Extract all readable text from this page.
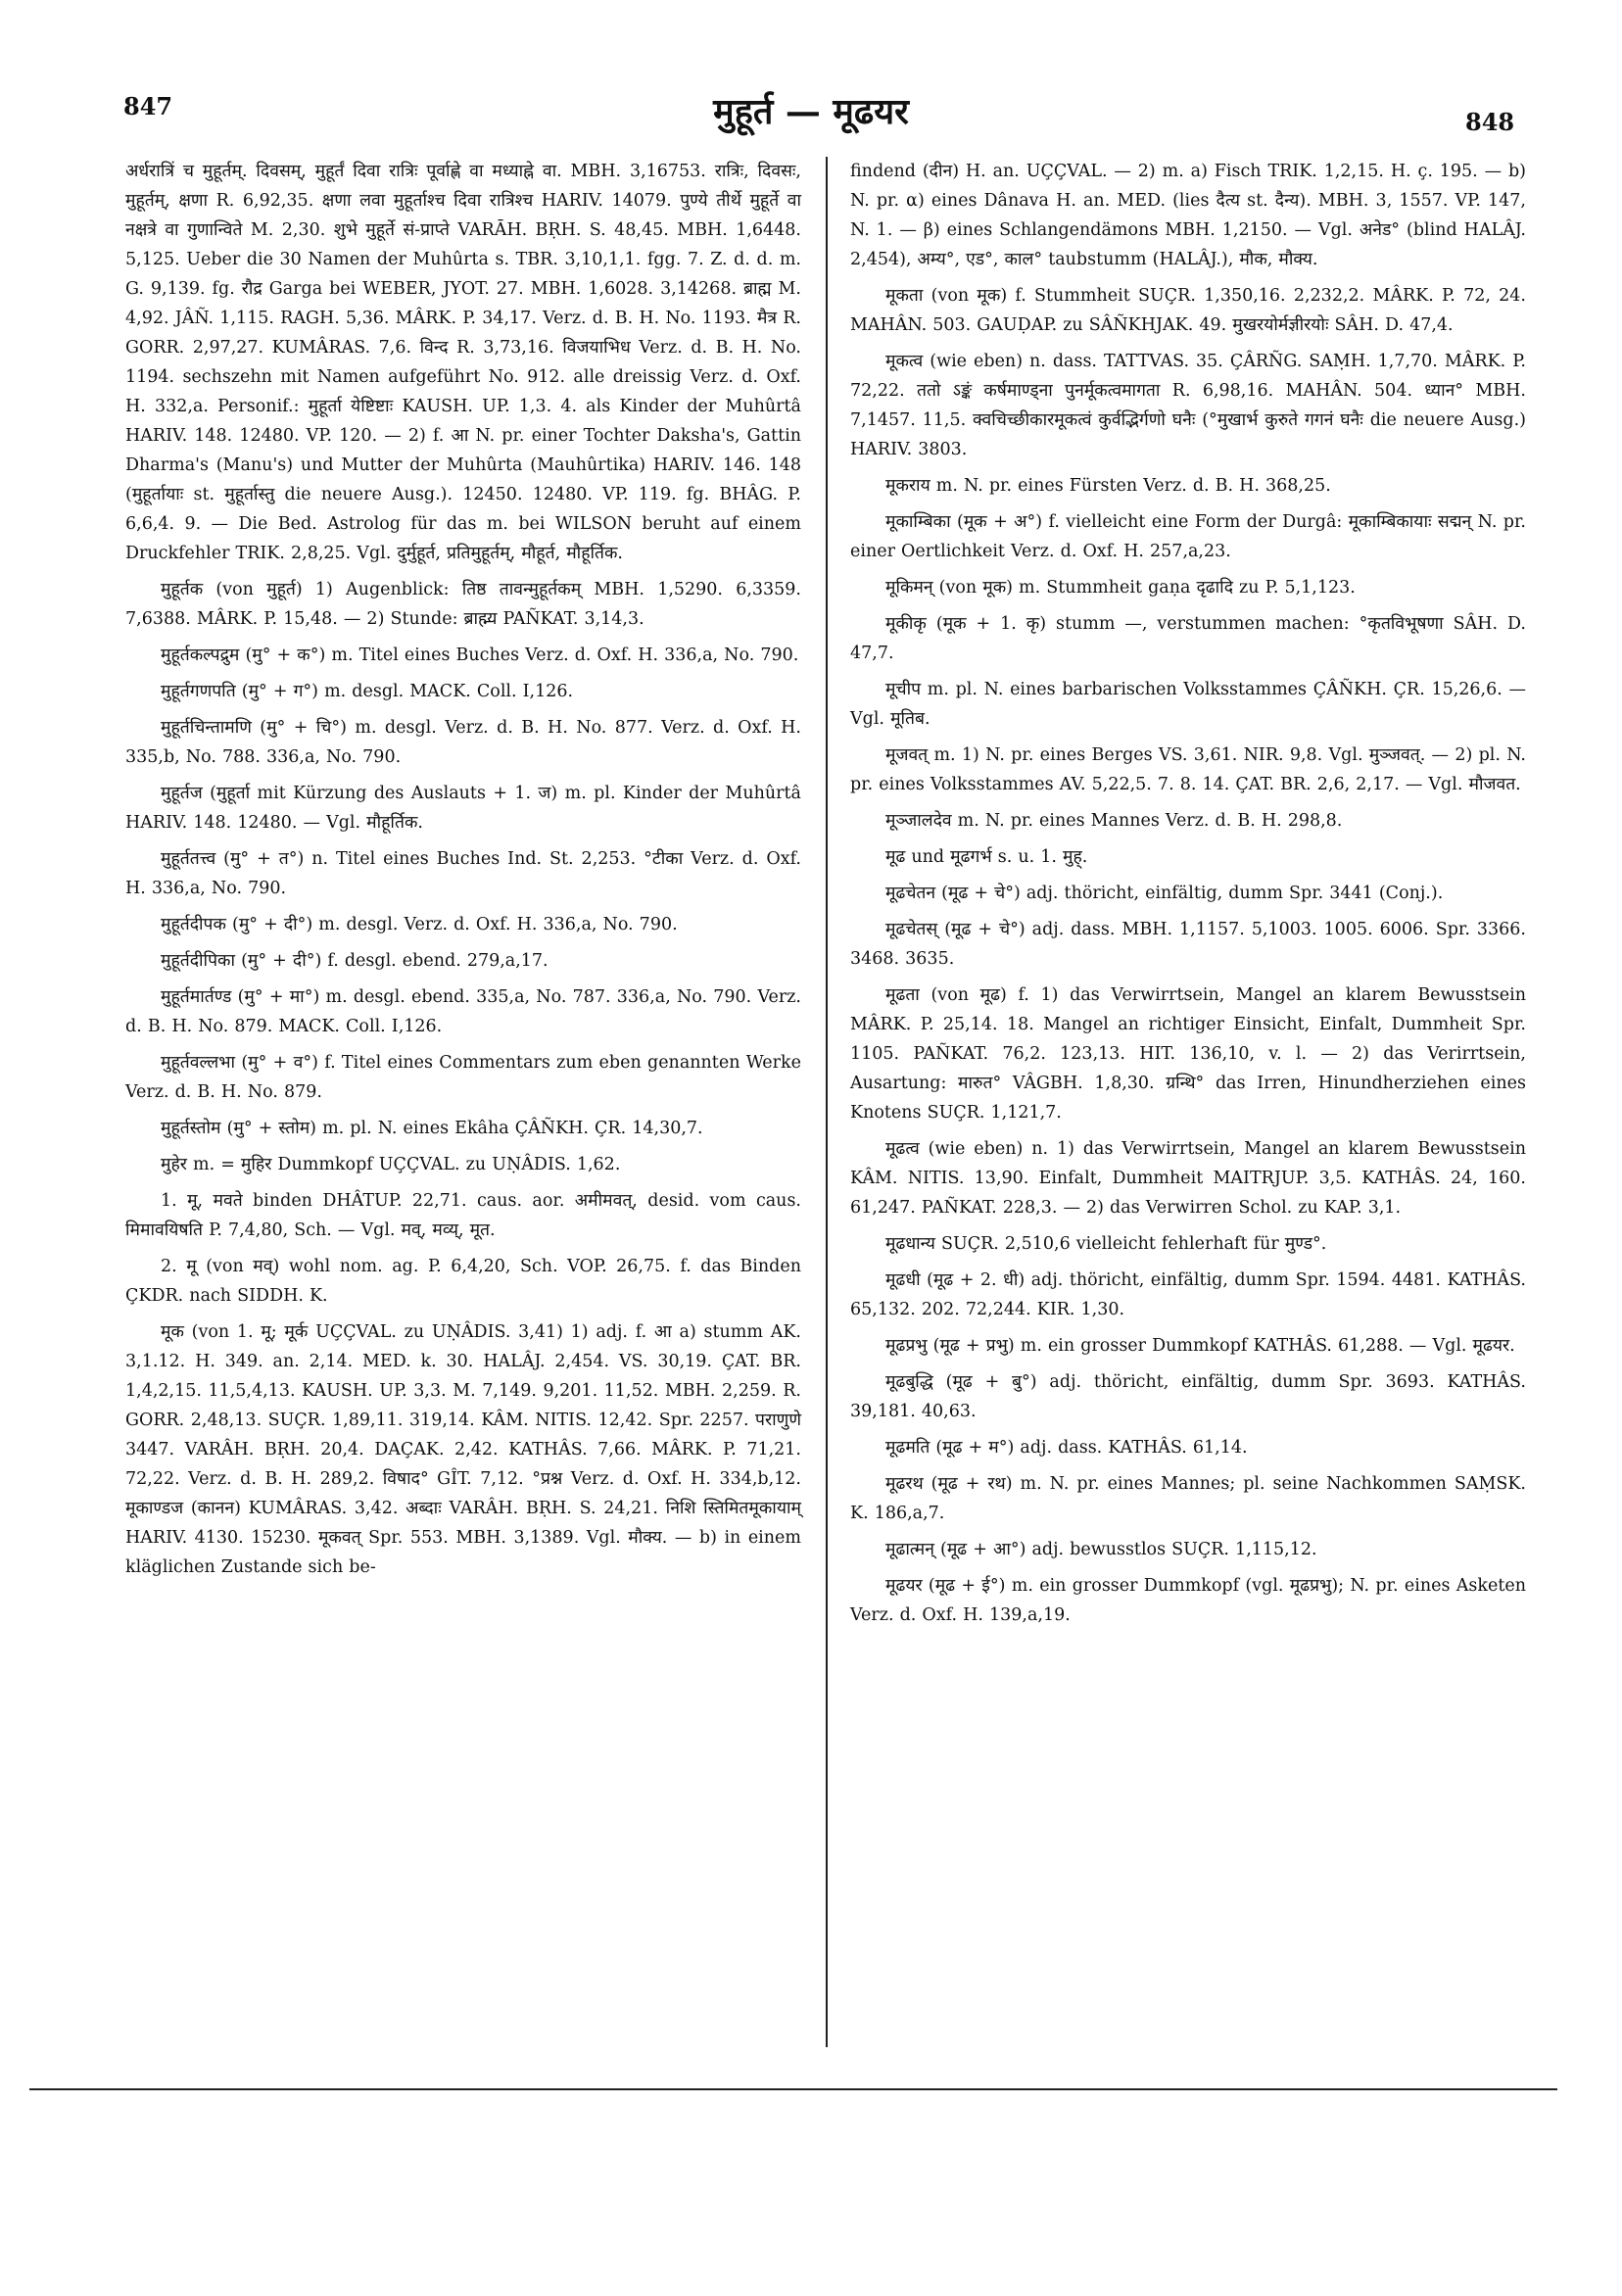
847	मुहूर्त — मूढयर	848

अर्धरात्रिं च मुहूर्तम्. दिवसम्, मुहूर्तं दिवा रात्रिः पूर्वाह्णे वा मध्याह्ने वा. MBH. 3,16753. रात्रिः, दिवसः, मुहूर्तम्, क्षणा R. 6,92,35. क्षणा लवा मुहूर्ताश्च दिवा रात्रिश्च HARIV. 14079. पुण्ये तीर्थे मुहूर्ते वा नक्षत्रे वा गुणान्विते M. 2,30. शुभे मुहूर्ते सं‑प्राप्ते VARĀH. BṚH. S. 48,45. MBH. 1,6448. 5,125. Ueber die 30 Namen der Muhûrta s. TBR. 3,10,1,1. fgg. 7. Z. d. d. m. G. 9,139. fg. रौद्र Garga bei WEBER, JYOT. 27. MBH. 1,6028. 3,14268. ब्राह्म M. 4,92. JÂÑ. 1,115. RAGH. 5,36. MÂRK. P. 34,17. Verz. d. B. H. No. 1193. मैत्र R. GORR. 2,97,27. KUMÂRAS. 7,6. विन्द R. 3,73,16. विजयाभिध Verz. d. B. H. No. 1194. sechszehn mit Namen aufgeführt No. 912. alle dreissig Verz. d. Oxf. H. 332,a. Personif.: मुहूर्ता येष्टिष्टाः KAUSH. UP. 1,3. 4. als Kinder der Muhûrtâ HARIV. 148. 12480. VP. 120. — 2) f. आ N. pr. einer Tochter Daksha's, Gattin Dharma's (Manu's) und Mutter der Muhûrta (Mauhûrtika) HARIV. 146. 148 (मुहूर्तायाः st. मुहूर्तास्तु die neuere Ausg.). 12450. 12480. VP. 119. fg. BHÂG. P. 6,6,4. 9. — Die Bed. Astrolog für das m. bei WILSON beruht auf einem Druckfehler TRIK. 2,8,25. Vgl. दुर्मुहूर्त, प्रतिमुहूर्तम्, मौहूर्त, मौहूर्तिक.

मुहूर्तक (von मुहूर्त) 1) Augenblick: तिष्ठ तावन्मुहूर्तकम् MBH. 1,5290. 6,3359. 7,6388. MÂRK. P. 15,48. — 2) Stunde: ब्राह्म्य PAÑKAT. 3,14,3.

मुहूर्तकल्पद्रुम (मु° + क°) m. Titel eines Buches Verz. d. Oxf. H. 336,a, No. 790.

मुहूर्तगणपति (मु° + ग°) m. desgl. MACK. Coll. I,126.

मुहूर्तचिन्तामणि (मु° + चि°) m. desgl. Verz. d. B. H. No. 877. Verz. d. Oxf. H. 335,b, No. 788. 336,a, No. 790.

मुहूर्तज (मुहूर्ता mit Kürzung des Auslauts + 1. ज) m. pl. Kinder der Muhûrtâ HARIV. 148. 12480. — Vgl. मौहूर्तिक.

मुहूर्ततत्त्व (मु° + त°) n. Titel eines Buches Ind. St. 2,253. °टीका Verz. d. Oxf. H. 336,a, No. 790.

मुहूर्तदीपक (मु° + दी°) m. desgl. Verz. d. Oxf. H. 336,a, No. 790.

मुहूर्तदीपिका (मु° + दी°) f. desgl. ebend. 279,a,17.

मुहूर्तमार्तण्ड (मु° + मा°) m. desgl. ebend. 335,a, No. 787. 336,a, No. 790. Verz. d. B. H. No. 879. MACK. Coll. I,126.

मुहूर्तवल्लभा (मु° + व°) f. Titel eines Commentars zum eben genannten Werke Verz. d. B. H. No. 879.

मुहूर्तस्तोम (मु° + स्तोम) m. pl. N. eines Ekâha ÇÂÑKH. ÇR. 14,30,7.

मुहेर m. = मुहिर Dummkopf UÇÇVAL. zu UṆÂDIS. 1,62.

1. मू, मवते binden DHÂTUP. 22,71. caus. aor. अमीमवत्, desid. vom caus. मिमावयिषति P. 7,4,80, Sch. — Vgl. मव्, मव्य्, मूत.

2. मू (von मव्) wohl nom. ag. P. 6,4,20, Sch. VOP. 26,75. f. das Binden ÇKDR. nach SIDDH. K.

मूक (von 1. मू; मूर्क UÇÇVAL. zu UṆÂDIS. 3,41) 1) adj. f. आ a) stumm AK. 3,1.12. H. 349. an. 2,14. MED. k. 30. HALÂJ. 2,454. VS. 30,19. ÇAT. BR. 1,4,2,15. 11,5,4,13. KAUSH. UP. 3,3. M. 7,149. 9,201. 11,52. MBH. 2,259. R. GORR. 2,48,13. SUÇR. 1,89,11. 319,14. KÂM. NITIS. 12,42. Spr. 2257. पराणुणे 3447. VARÂH. BṚH. 20,4. DAÇAK. 2,42. KATHÂS. 7,66. MÂRK. P. 71,21. 72,22. Verz. d. B. H. 289,2. विषाद° GÎT. 7,12. °प्रश्न Verz. d. Oxf. H. 334,b,12. मूकाण्डज (कानन) KUMÂRAS. 3,42. अब्दाः VARÂH. BṚH. S. 24,21. निशि स्तिमितमूकायाम् HARIV. 4130. 15230. मूकवत् Spr. 553. MBH. 3,1389. Vgl. मौक्य. — b) in einem kläglichen Zustande sich be‑

findend (दीन) H. an. UÇÇVAL. — 2) m. a) Fisch TRIK. 1,2,15. H. ç. 195. — b) N. pr. α) eines Dânava H. an. MED. (lies दैत्य st. दैन्य). MBH. 3, 1557. VP. 147, N. 1. — β) eines Schlangendämons MBH. 1,2150. — Vgl. अनेड° (blind HALÂJ. 2,454), अम्य°, एड°, काल° taubstumm (HALÂJ.), मौक, मौक्य.

मूकता (von मूक) f. Stummheit SUÇR. 1,350,16. 2,232,2. MÂRK. P. 72, 24. MAHÂN. 503. GAUḌAP. zu SÂÑKHJAK. 49. मुखरयोर्मज्ञीरयोः SÂH. D. 47,4.

मूकत्व (wie eben) n. dass. TATTVAS. 35. ÇÂRÑG. SAṂH. 1,7,70. MÂRK. P. 72,22. ततो ऽङ्कं कर्षमाण्ड्ना पुनर्मूकत्वमागता R. 6,98,16. MAHÂN. 504. ध्यान° MBH. 7,1457. 11,5. क्वचिच्छीकारमूकत्वं कुर्वद्भिर्गणो घनैः (°मुखार्भ कुरुते गगनं घनैः die neuere Ausg.) HARIV. 3803.

मूकराय m. N. pr. eines Fürsten Verz. d. B. H. 368,25.

मूकाम्बिका (मूक + अ°) f. vielleicht eine Form der Durgâ: मूकाम्बिकायाः सद्मन् N. pr. einer Oertlichkeit Verz. d. Oxf. H. 257,a,23.

मूकिमन् (von मूक) m. Stummheit gaṇa दृढादि zu P. 5,1,123.

मूकीकृ (मूक + 1. कृ) stumm —, verstummen machen: °कृतविभूषणा SÂH. D. 47,7.

मूचीप m. pl. N. eines barbarischen Volksstammes ÇÂÑKH. ÇR. 15,26,6. — Vgl. मूतिब.

मूजवत् m. 1) N. pr. eines Berges VS. 3,61. NIR. 9,8. Vgl. मुञ्जवत्. — 2) pl. N. pr. eines Volksstammes AV. 5,22,5. 7. 8. 14. ÇAT. BR. 2,6, 2,17. — Vgl. मौजवत.

मूञ्जालदेव m. N. pr. eines Mannes Verz. d. B. H. 298,8.

मूढ und मूढगर्भ s. u. 1. मुह्.

मूढचेतन (मूढ + चे°) adj. thöricht, einfältig, dumm Spr. 3441 (Conj.).

मूढचेतस् (मूढ + चे°) adj. dass. MBH. 1,1157. 5,1003. 1005. 6006. Spr. 3366. 3468. 3635.

मूढता (von मूढ) f. 1) das Verwirrtsein, Mangel an klarem Bewusstsein MÂRK. P. 25,14. 18. Mangel an richtiger Einsicht, Einfalt, Dummheit Spr. 1105. PAÑKAT. 76,2. 123,13. HIT. 136,10, v. l. — 2) das Verirrtsein, Ausartung: मारुत° VÂGBH. 1,8,30. ग्रन्थि° das Irren, Hinundherziehen eines Knotens SUÇR. 1,121,7.

मूढत्व (wie eben) n. 1) das Verwirrtsein, Mangel an klarem Bewusstsein KÂM. NITIS. 13,90. Einfalt, Dummheit MAITRJUP. 3,5. KATHÂS. 24, 160. 61,247. PAÑKAT. 228,3. — 2) das Verwirren Schol. zu KAP. 3,1.

मूढधान्य SUÇR. 2,510,6 vielleicht fehlerhaft für मुण्ड°.

मूढधी (मूढ + 2. धी) adj. thöricht, einfältig, dumm Spr. 1594. 4481. KATHÂS. 65,132. 202. 72,244. KIR. 1,30.

मूढप्रभु (मूढ + प्रभु) m. ein grosser Dummkopf KATHÂS. 61,288. — Vgl. मूढयर.

मूढबुद्धि (मूढ + बु°) adj. thöricht, einfältig, dumm Spr. 3693. KATHÂS. 39,181. 40,63.

मूढमति (मूढ + म°) adj. dass. KATHÂS. 61,14.

मूढरथ (मूढ + रथ) m. N. pr. eines Mannes; pl. seine Nachkommen SAṂSK. K. 186,a,7.

मूढात्मन् (मूढ + आ°) adj. bewusstlos SUÇR. 1,115,12.

मूढयर (मूढ + ई°) m. ein grosser Dummkopf (vgl. मूढप्रभु); N. pr. eines Asketen Verz. d. Oxf. H. 139,a,19.
